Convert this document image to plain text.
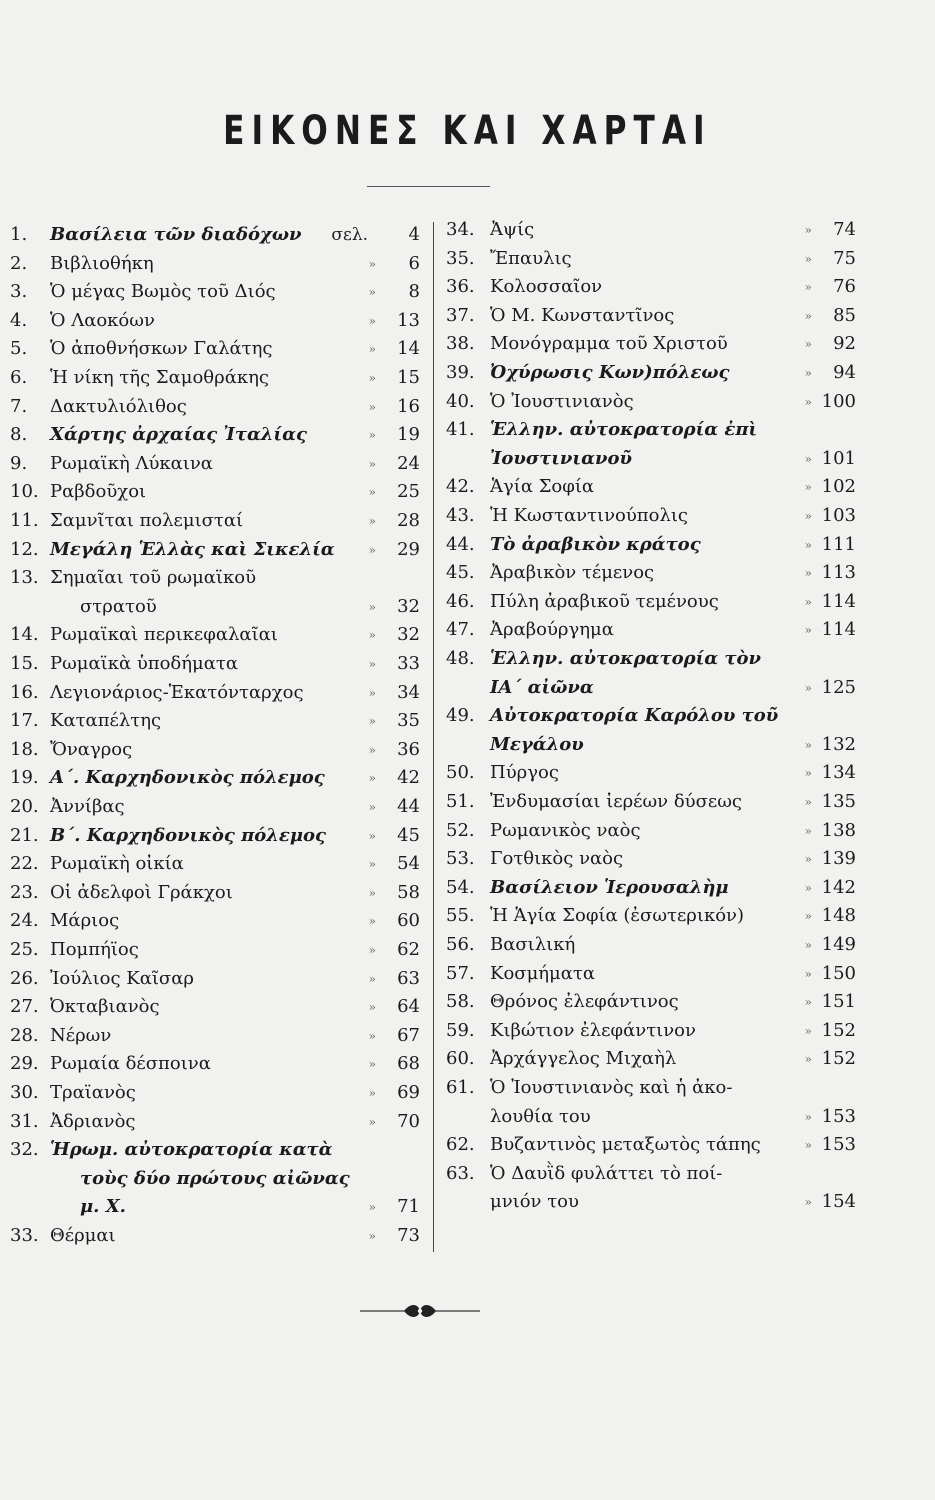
ΕΙΚΟΝΕΣ ΚΑΙ ΧΑΡΤΑΙ
1.	Βασίλεια τῶν διαδόχων	σελ.	4
2.	Βιβλιοθήκη	»	6
3.	Ὁ μέγας Βωμὸς τοῦ Διός	»	8
4.	Ὁ Λαοκόων	»	13
5.	Ὁ ἀποθνήσκων Γαλάτης	»	14
6.	Ἡ νίκη τῆς Σαμοθράκης	»	15
7.	Δακτυλιόλιθος	»	16
8.	Χάρτης ἀρχαίας Ἰταλίας	»	19
9.	Ρωμαϊκὴ Λύκαινα	»	24
10. Ραβδοῦχοι	»	25
11. Σαμνῖται πολεμισταί	»	28
12. Μεγάλη Ἑλλὰς καὶ Σικελία	»	29
13. Σημαῖαι τοῦ ρωμαϊκοῦ
στρατοῦ	»	32
14. Ρωμαϊκαὶ περικεφαλαῖαι	»	32
15. Ρωμαϊκὰ ὑποδήματα	»	33
16. Λεγιονάριος-Ἑκατόνταρχος	»	34
17. Καταπέλτης	»	35
18. Ὄναγρος	»	36
19. Α΄. Καρχηδονικὸς πόλεμος	»	42
20. Ἀννίβας	»	44
21. Β΄. Καρχηδονικὸς πόλεμος	»	45
22. Ρωμαϊκὴ οἰκία	»	54
23. Οἱ ἀδελφοὶ Γράκχοι	»	58
24. Μάριος	»	60
25. Πομπήϊος	»	62
26. Ἰούλιος Καῖσαρ	»	63
27. Ὀκταβιανὸς	»	64
28. Νέρων	»	67
29. Ρωμαία δέσποινα	»	68
30. Τραϊανὸς	»	69
31. Ἀδριανὸς	»	70
32. Ἡρωμ. αὐτοκρατορία κατὰ
τοὺς δύο πρώτους αἰῶνας
μ. Χ.	»	71
33. Θέρμαι	»	73
34. Ἀψίς	»	74
35. Ἔπαυλις	»	75
36. Κολοσσαῖον	»	76
37. Ὁ Μ. Κωνσταντῖνος	»	85
38. Μονόγραμμα τοῦ Χριστοῦ	»	92
39. Ὀχύρωσις Κων)πόλεως	»	94
40. Ὁ Ἰουστινιανὸς	» 100
41. Ἑλλην. αὐτοκρατορία ἐπὶ
Ἰουστινιανοῦ	» 101
42. Ἁγία Σοφία	» 102
43. Ἡ Κωσταντινούπολις	» 103
44. Τὸ ἀραβικὸν κράτος	» 111
45. Ἀραβικὸν τέμενος	» 113
46. Πύλη ἀραβικοῦ τεμένους	» 114
47. Ἀραβούργημα	» 114
48. Ἑλλην. αὐτοκρατορία τὸν
ΙΑ΄ αἰῶνα	» 125
49. Αὐτοκρατορία Καρόλου τοῦ
Μεγάλου	» 132
50. Πύργος	» 134
51. Ἐνδυμασίαι ἱερέων δύσεως	» 135
52. Ρωμανικὸς ναὸς	» 138
53. Γοτθικὸς ναὸς	» 139
54. Βασίλειον Ἱερουσαλὴμ	» 142
55. Ἡ Ἁγία Σοφία (ἐσωτερικόν)	» 148
56. Βασιλική	» 149
57. Κοσμήματα	» 150
58. Θρόνος ἐλεφάντινος	» 151
59. Κιβώτιον ἐλεφάντινον	» 152
60. Ἀρχάγγελος Μιχαὴλ	» 152
61. Ὁ Ἰουστινιανὸς καὶ ἡ ἀκο-
λουθία του	» 153
62. Βυζαντινὸς μεταξωτὸς τάπης	» 153
63. Ὁ Δαυῒδ φυλάττει τὸ ποί-
μνιόν του	» 154
